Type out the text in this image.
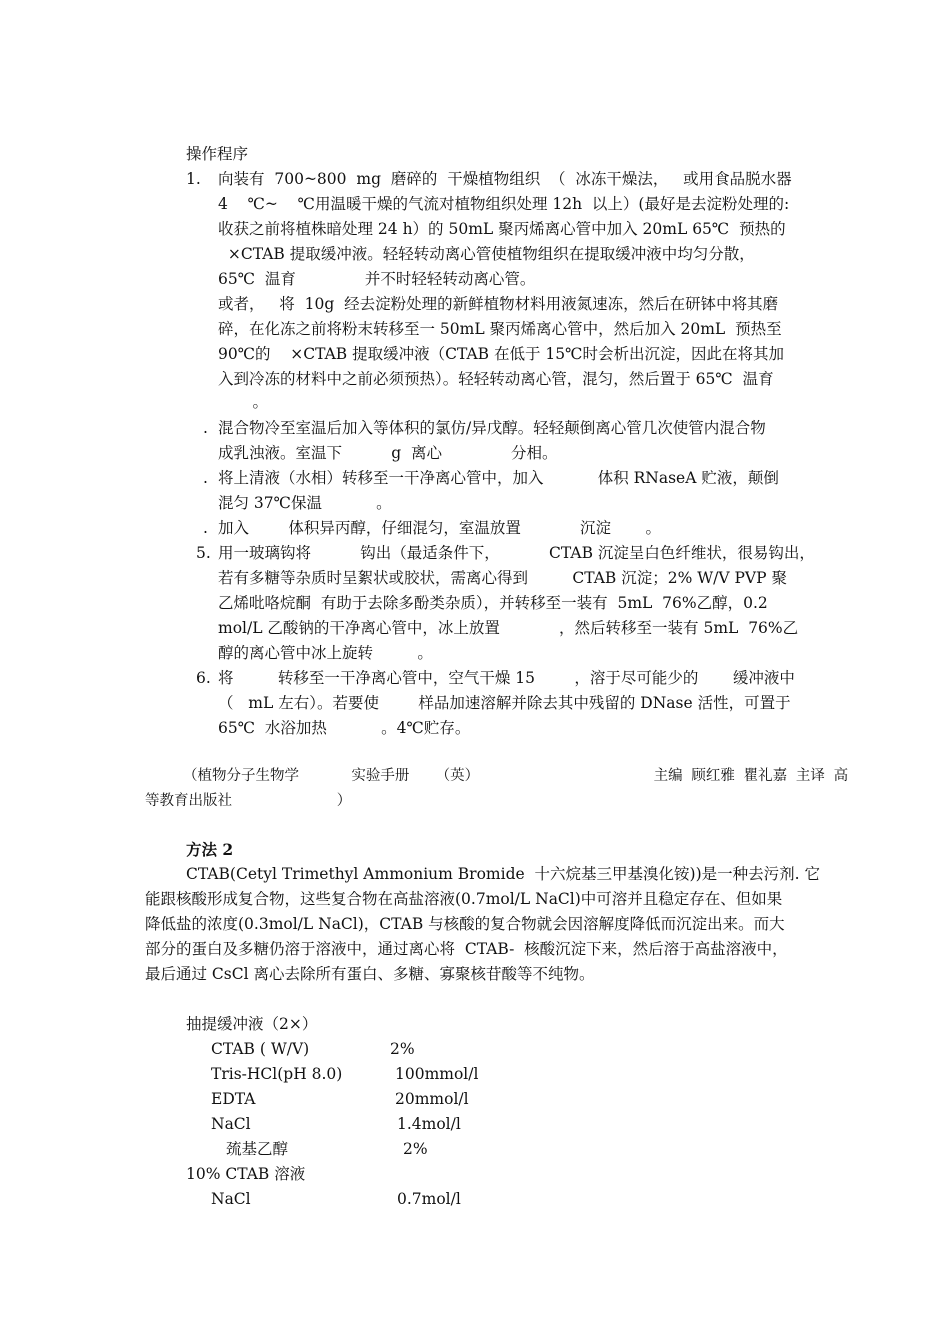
操作程序
1. 向装有  700~800  mg  磨碎的  干燥植物组织  （  冰冻干燥法，   或用食品脱水器
4    ℃~    ℃用温暖干燥的气流对植物组织处理 12h  以上）(最好是去淀粉处理的:
收获之前将植株暗处理 24 h）的 50mL 聚丙烯离心管中加入 20mL 65℃  预热的
×CTAB 提取缓冲液。轻轻转动离心管使植物组织在提取缓冲液中均匀分散，
65℃  温育              并不时轻轻转动离心管。
或者，   将  10g  经去淀粉处理的新鲜植物材料用液氮速冻，然后在研钵中将其磨
碎，在化冻之前将粉末转移至一 50mL 聚丙烯离心管中，然后加入 20mL  预热至
90℃的    ×CTAB 提取缓冲液（CTAB 在低于 15℃时会析出沉淀，因此在将其加
入到冷冻的材料中之前必须预热）。轻轻转动离心管，混匀，然后置于 65℃  温育
。
. 混合物冷至室温后加入等体积的氯仿/异戊醇。轻轻颠倒离心管几次使管内混合物
成乳浊液。室温下          g  离心              分相。
. 将上清液（水相）转移至一干净离心管中，加入           体积 RNaseA 贮液，颠倒
混匀 37℃保温           。
. 加入        体积异丙醇，仔细混匀，室温放置            沉淀       。
5. 用一玻璃钩将          钩出（最适条件下，          CTAB 沉淀呈白色纤维状，很易钩出，
若有多糖等杂质时呈絮状或胶状，需离心得到         CTAB 沉淀；2% W/V PVP 聚
乙烯吡咯烷酮  有助于去除多酚类杂质），并转移至一装有  5mL  76%乙醇，0.2
mol/L 乙酸钠的干净离心管中，冰上放置            ，然后转移至一装有 5mL  76%乙
醇的离心管中冰上旋转         。
6. 将         转移至一干净离心管中，空气干燥 15        ，溶于尽可能少的       缓冲液中
（   mL 左右）。若要使        样品加速溶解并除去其中残留的 DNase 活性，可置于
65℃  水浴加热           。4℃贮存。
（植物分子生物学      实验手册   （英）                    主编 顾红雅 瞿礼嘉 主译 高
等教育出版社            ）
方法 2
CTAB(Cetyl Trimethyl Ammonium Bromide  十六烷基三甲基溴化铵))是一种去污剂. 它
能跟核酸形成复合物，这些复合物在高盐溶液(0.7mol/L NaCl)中可溶并且稳定存在、但如果
降低盐的浓度(0.3mol/L NaCl)，CTAB 与核酸的复合物就会因溶解度降低而沉淀出来。而大
部分的蛋白及多糖仍溶于溶液中，通过离心将  CTAB-  核酸沉淀下来，然后溶于高盐溶液中，
最后通过 CsCl 离心去除所有蛋白、多糖、寡聚核苷酸等不纯物。
抽提缓冲液（2×）
CTAB ( W/V)	2%
Tris-HCl(pH 8.0)	100mmol/l
EDTA	20mmol/l
NaCl	1.4mol/l
巯基乙醇	2%
10% CTAB 溶液
NaCl	0.7mol/l
